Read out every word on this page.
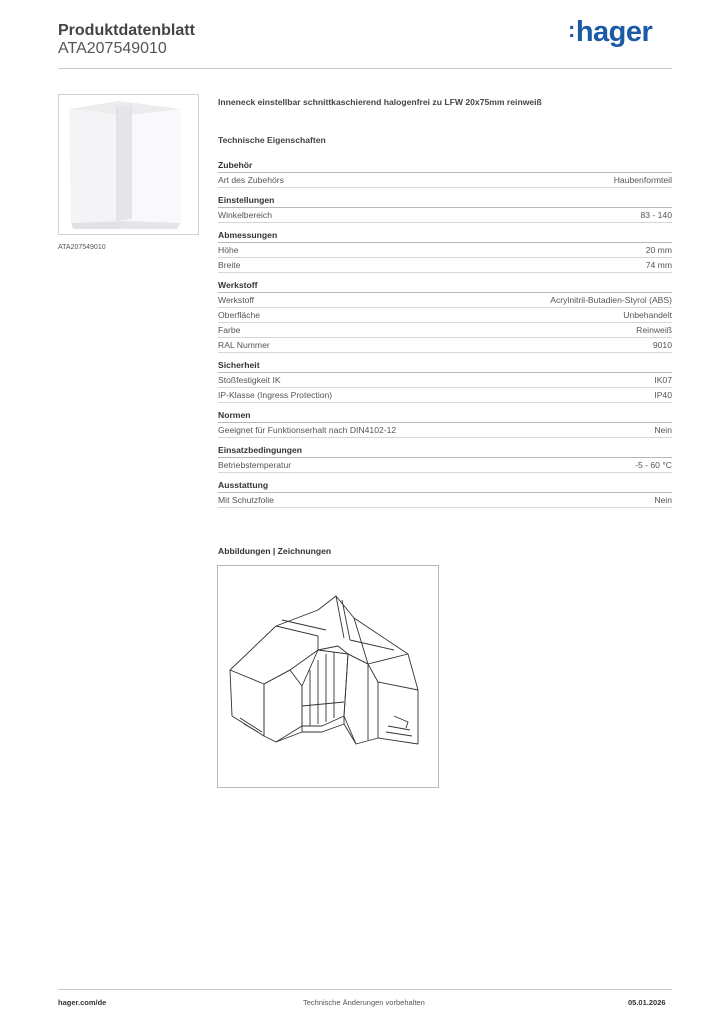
Produktdatenblatt
ATA207549010
:hager
ATA207549010
Inneneck einstellbar schnittkaschierend halogenfrei zu LFW 20x75mm reinweiß
Technische Eigenschaften
Zubehör
Art des Zubehörs	Haubenformteil
Einstellungen
Winkelbereich	83 - 140
Abmessungen
Höhe	20 mm
Breite	74 mm
Werkstoff
Werkstoff	Acrylnitril-Butadien-Styrol (ABS)
Oberfläche	Unbehandelt
Farbe	Reinweiß
RAL Nummer	9010
Sicherheit
Stoßfestigkeit IK	IK07
IP-Klasse (Ingress Protection)	IP40
Normen
Geeignet für Funktionserhalt nach DIN4102-12	Nein
Einsatzbedingungen
Betriebstemperatur	-5 - 60 °C
Ausstattung
Mit Schutzfolie	Nein
Abbildungen | Zeichnungen
hager.com/de	Technische Änderungen vorbehalten	05.01.2026
